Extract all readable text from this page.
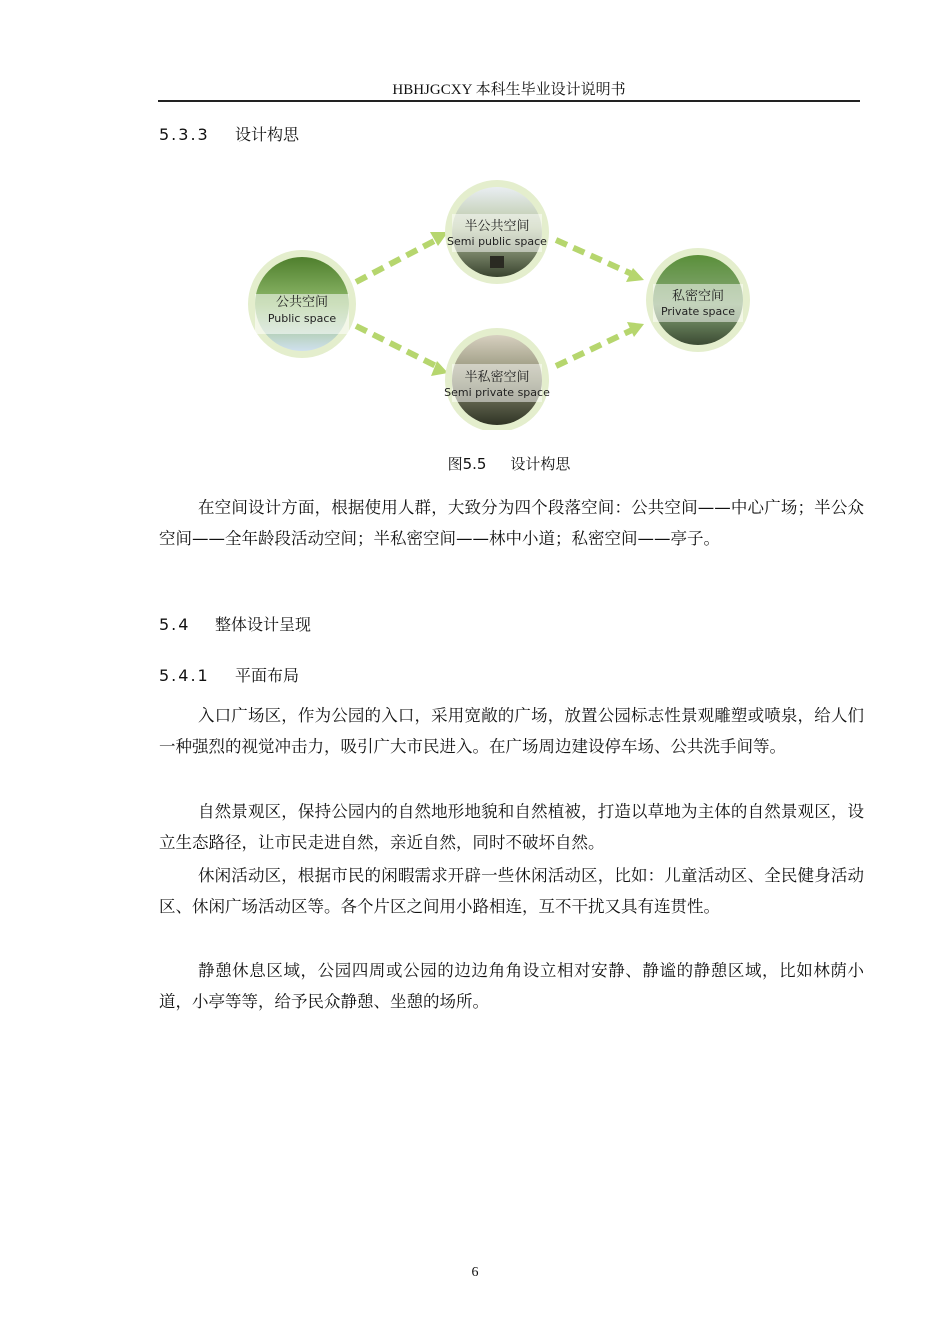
HBHJGCXY 本科生毕业设计说明书
5.3.3 设计构思
公共空间
Public space
半公共空间
Semi public space
半私密空间
Semi private space
私密空间
Private space
图5.5 设计构思

在空间设计方面，根据使用人群，大致分为四个段落空间：公共空间——中心广场；半公众空间——全年龄段活动空间；半私密空间——林中小道；私密空间——亭子。

5.4 整体设计呈现
5.4.1 平面布局

入口广场区，作为公园的入口，采用宽敞的广场，放置公园标志性景观雕塑或喷泉，给人们一种强烈的视觉冲击力，吸引广大市民进入。在广场周边建设停车场、公共洗手间等。

自然景观区，保持公园内的自然地形地貌和自然植被，打造以草地为主体的自然景观区，设立生态路径，让市民走进自然，亲近自然，同时不破坏自然。

休闲活动区，根据市民的闲暇需求开辟一些休闲活动区，比如：儿童活动区、全民健身活动区、休闲广场活动区等。各个片区之间用小路相连，互不干扰又具有连贯性。

静憩休息区域，公园四周或公园的边边角角设立相对安静、静谧的静憩区域，比如林荫小道，小亭等等，给予民众静憩、坐憩的场所。

6
